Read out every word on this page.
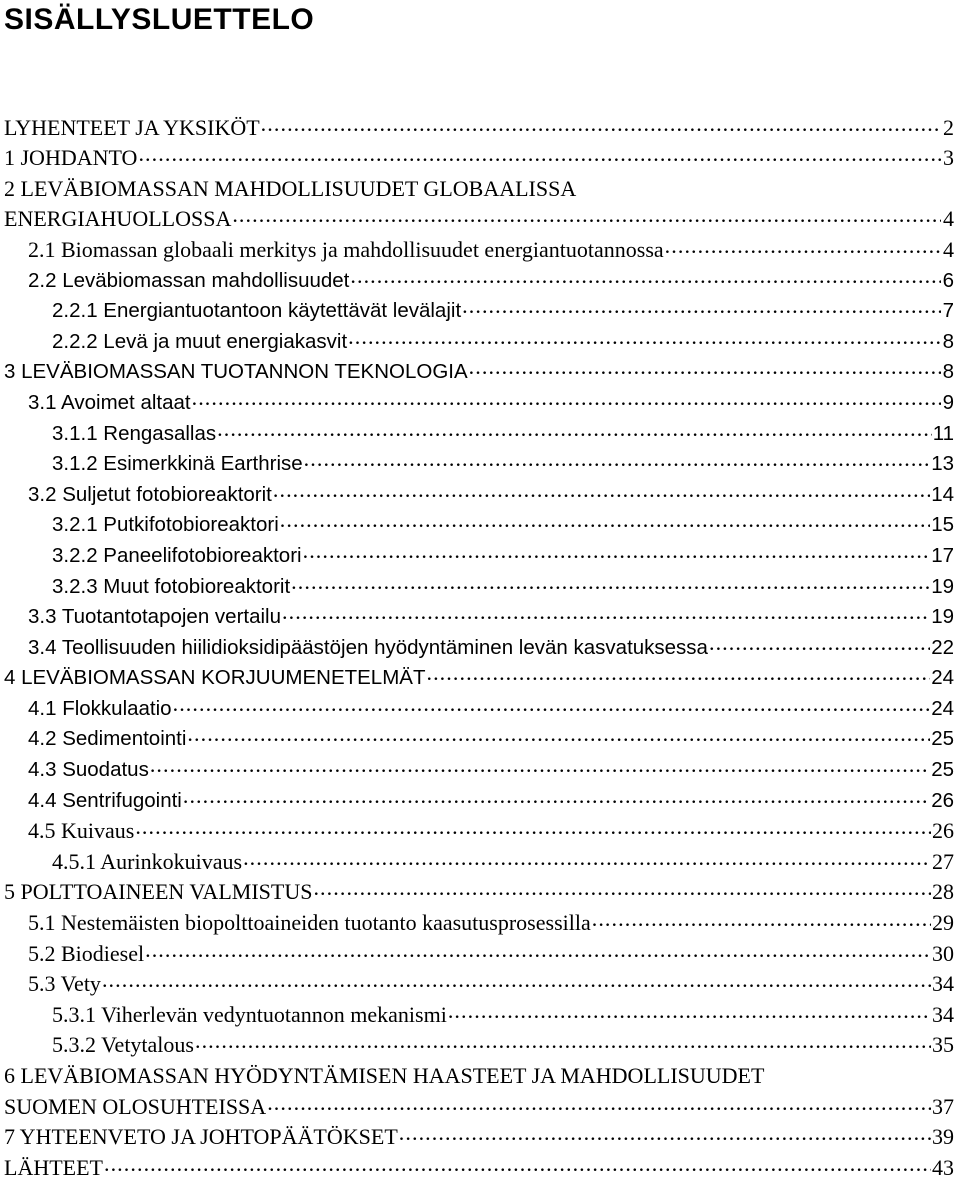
SISÄLLYSLUETTELO
LYHENTEET JA YKSIKÖT . . .	2
1 JOHDANTO . . .	3
2 LEVÄBIOMASSAN MAHDOLLISUUDET GLOBAALISSA
ENERGIAHUOLLOSSA . . .	4
2.1 Biomassan globaali merkitys ja mahdollisuudet energiantuotannossa . . .	4
2.2 Leväbiomassan mahdollisuudet . . .	6
2.2.1 Energiantuotantoon käytettävät levälajit . . .	7
2.2.2 Levä ja muut energiakasvit . . .	8
3 LEVÄBIOMASSAN TUOTANNON TEKNOLOGIA . . .	8
3.1 Avoimet altaat . . .	9
3.1.1 Rengasallas . . .	11
3.1.2 Esimerkkinä Earthrise . . .	13
3.2 Suljetut fotobioreaktorit . . .	14
3.2.1 Putkifotobioreaktori . . .	15
3.2.2 Paneelifotobioreaktori . . .	17
3.2.3 Muut fotobioreaktorit . . .	19
3.3 Tuotantotapojen vertailu . . .	19
3.4 Teollisuuden hiilidioksidipäästöjen hyödyntäminen levän kasvatuksessa . . .	22
4 LEVÄBIOMASSAN KORJUUMENETELMÄT . . .	24
4.1 Flokkulaatio . . .	24
4.2 Sedimentointi . . .	25
4.3 Suodatus . . .	25
4.4 Sentrifugointi . . .	26
4.5 Kuivaus . . .	26
4.5.1 Aurinkokuivaus . . .	27
5 POLTTOAINEEN VALMISTUS . . .	28
5.1 Nestemäisten biopolttoaineiden tuotanto kaasutusprosessilla . . .	29
5.2 Biodiesel . . .	30
5.3 Vety . . .	34
5.3.1 Viherlevän vedyntuotannon mekanismi . . .	34
5.3.2 Vetytalous . . .	35
6 LEVÄBIOMASSAN HYÖDYNTÄMISEN HAASTEET JA MAHDOLLISUUDET
SUOMEN OLOSUHTEISSA . . .	37
7 YHTEENVETO JA JOHTOPÄÄTÖKSET . . .	39
LÄHTEET . . .	43
